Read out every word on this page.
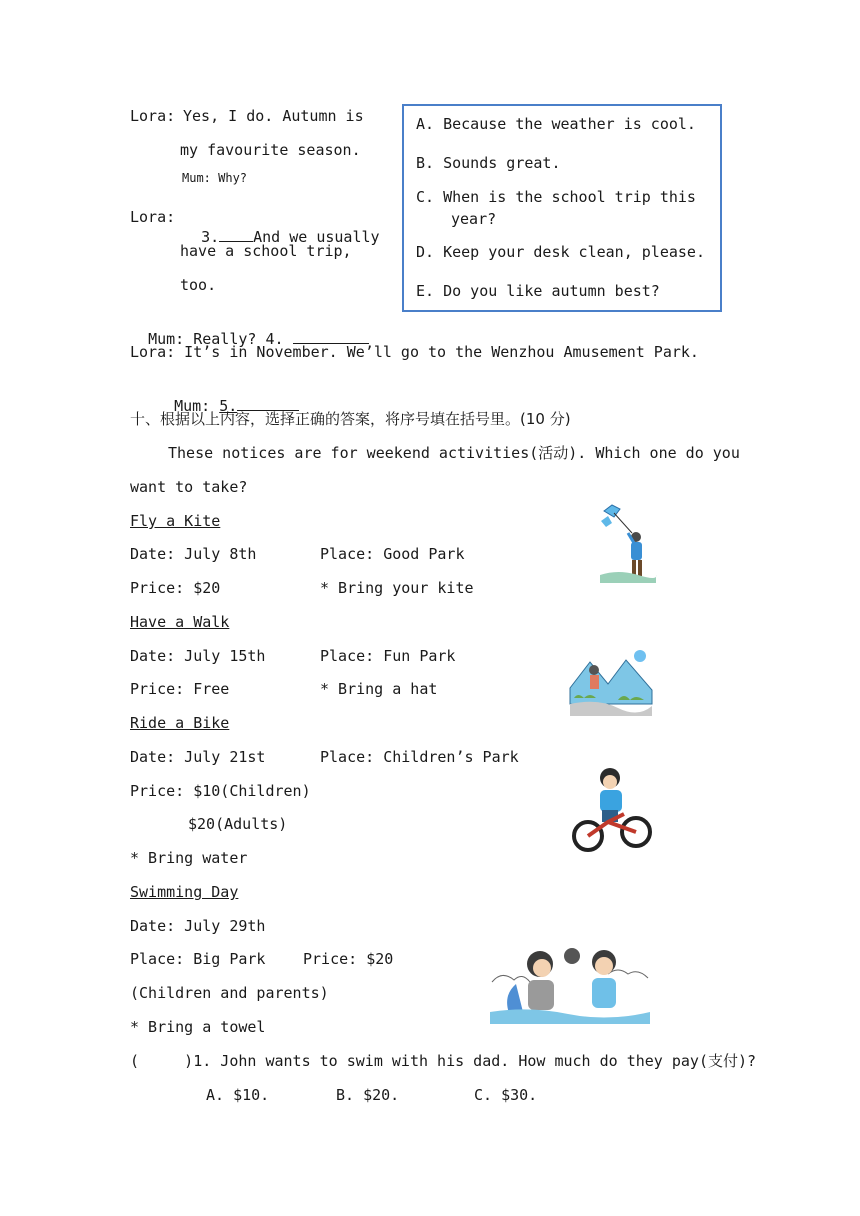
Lora: Yes, I do. Autumn is
my favourite season.
Mum: Why?
Lora:

3. And we usually

have a school trip,
too.

Mum: Really? 4.

Lora: It’s in November. We’ll go to the Wenzhou Amusement Park.

Mum: 5.

A. Because the weather is cool.
B. Sounds great.
C. When is the school trip this
year?
D. Keep your desk clean, please.
E. Do you like autumn best?
十、根据以上内容，选择正确的答案，将序号填在括号里。(10 分)
These notices are for weekend activities(活动). Which one do you
want to take?
Fly a Kite
Date: July 8th	Place: Good Park
Price: $20	* Bring your kite
Have a Walk
Date: July 15th	Place: Fun Park
Price: Free	* Bring a hat
Ride a Bike
Date: July 21st	Place: Children’s Park
Price: $10(Children)
$20(Adults)
* Bring water
Swimming Day
Date: July 29th
Place: Big Park	Price: $20
(Children and parents)
* Bring a towel
(     )1. John wants to swim with his dad. How much do they pay(支付)?
A. $10.	B. $20.	C. $30.
